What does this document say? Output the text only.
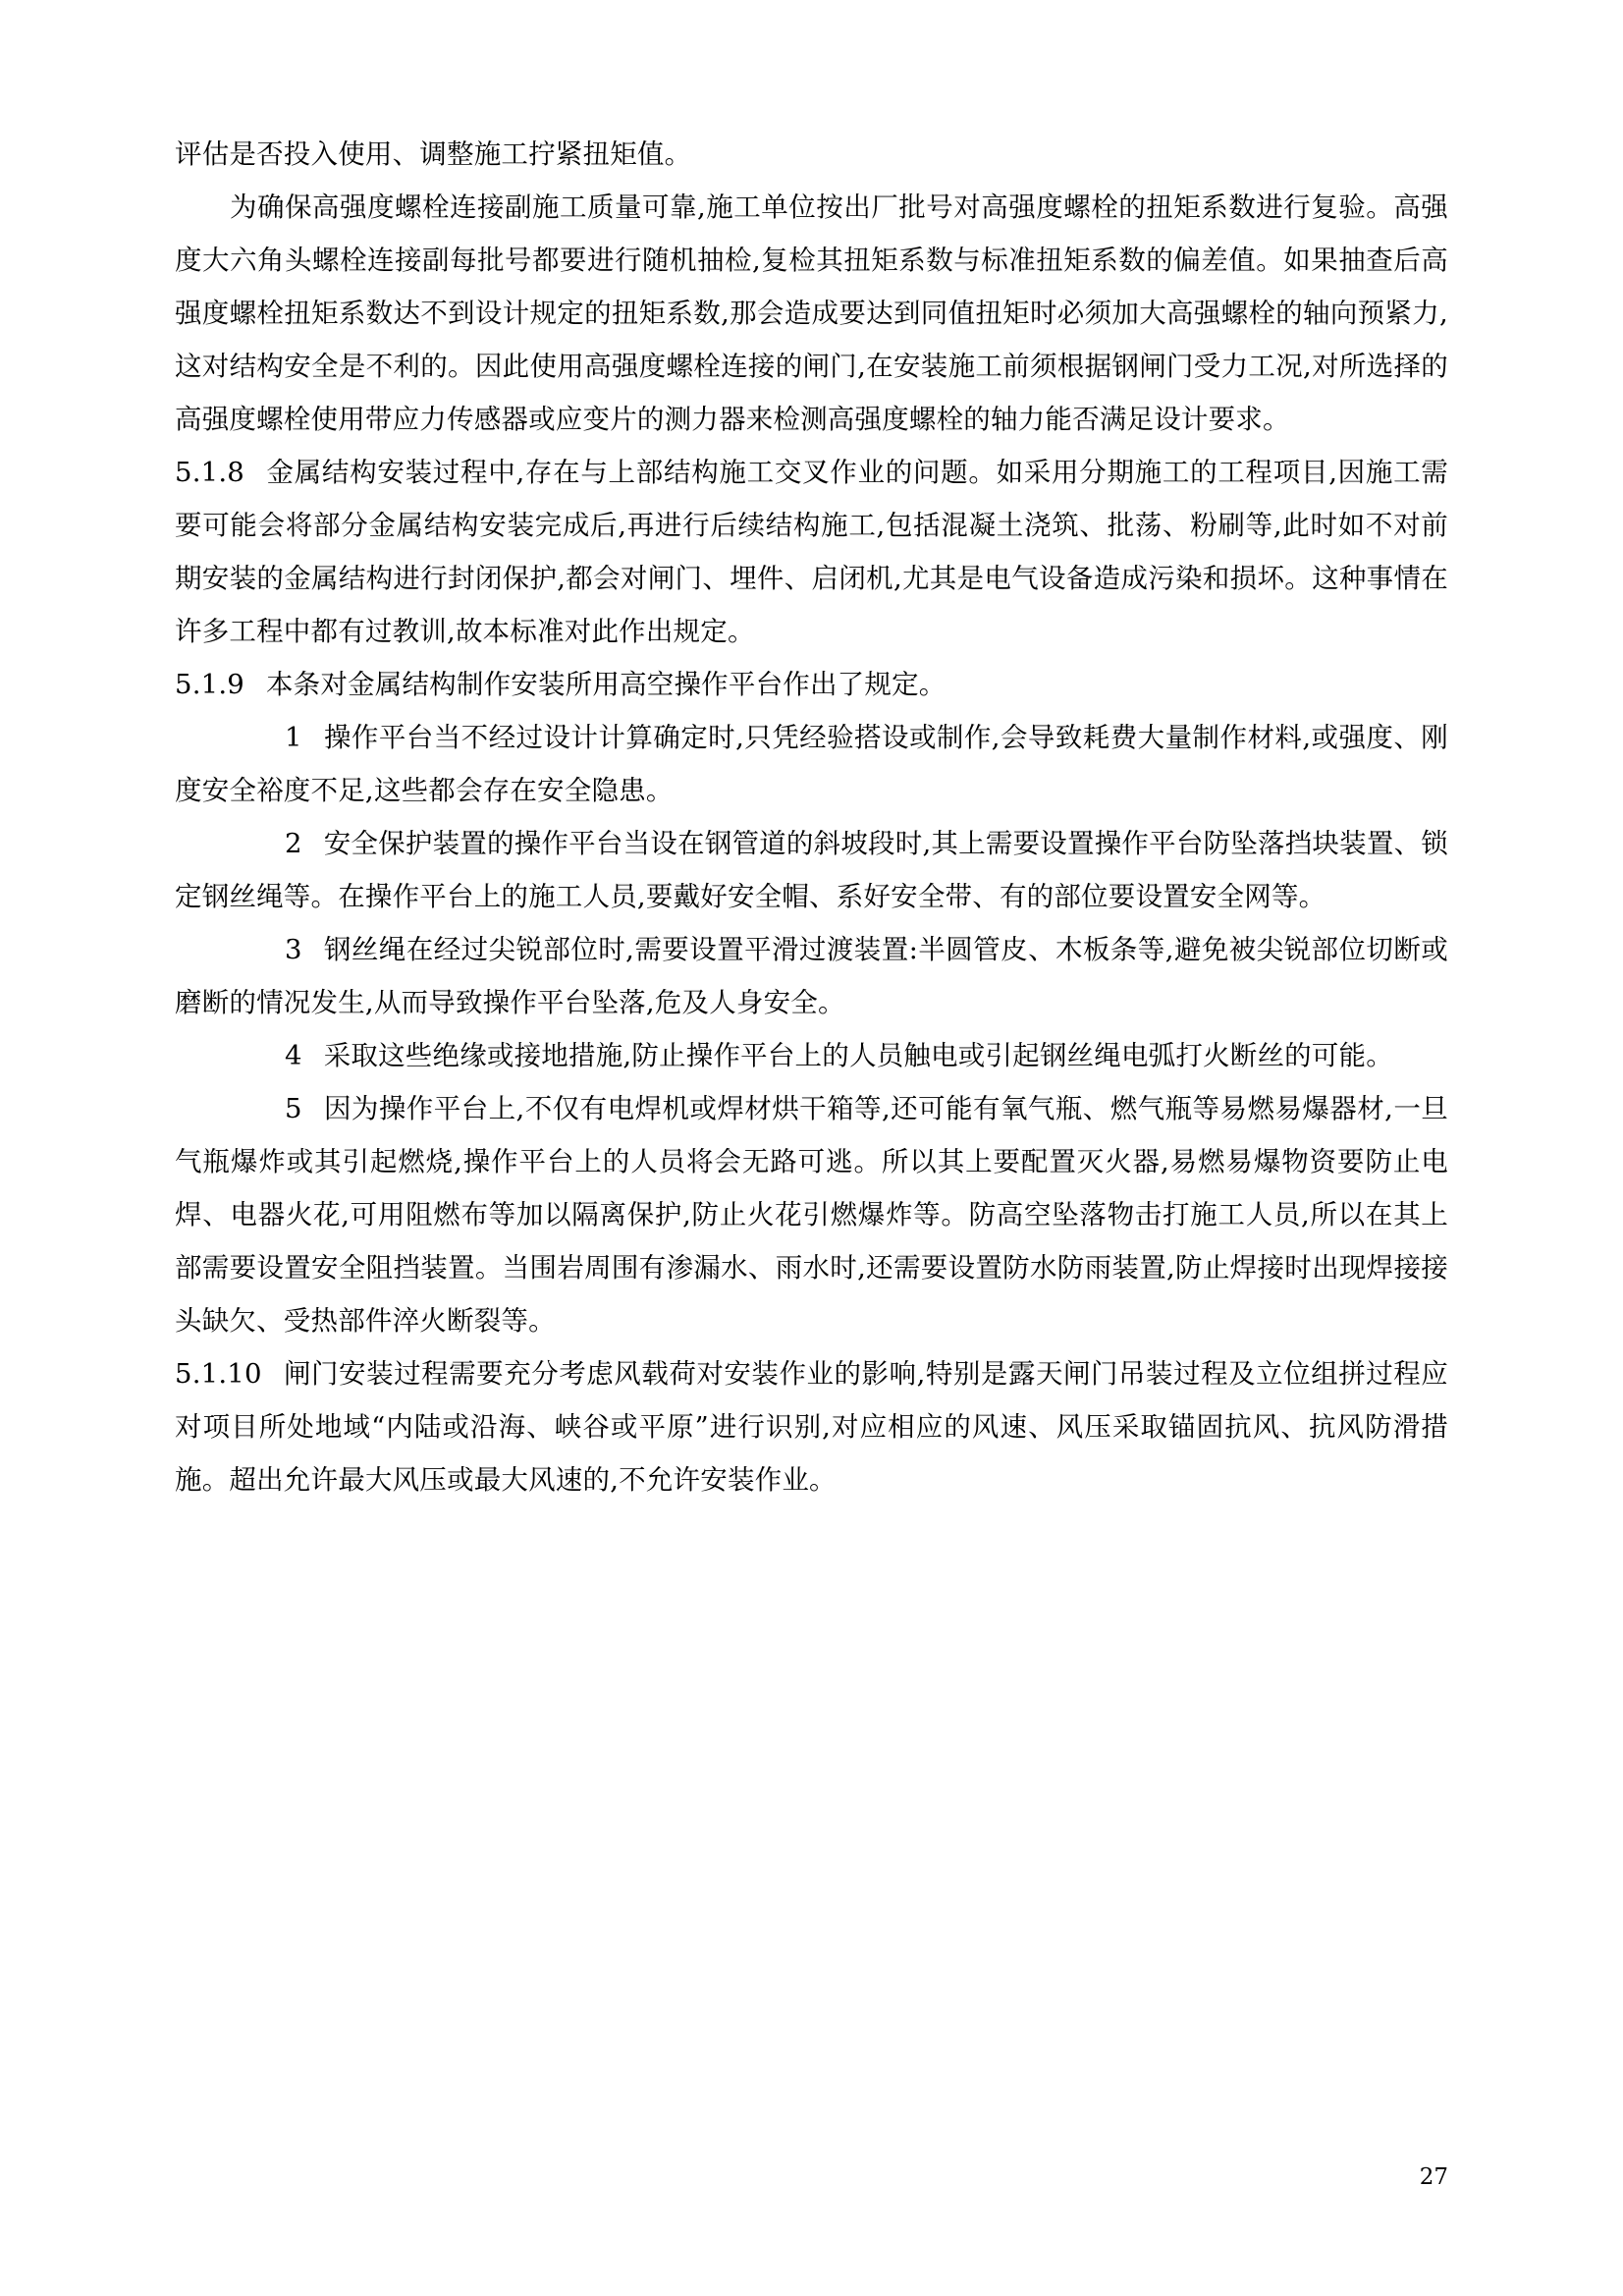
评估是否投入使用、调整施工拧紧扭矩值。

为确保高强度螺栓连接副施工质量可靠,施工单位按出厂批号对高强度螺栓的扭矩系数进行复验。高强度大六角头螺栓连接副每批号都要进行随机抽检,复检其扭矩系数与标准扭矩系数的偏差值。如果抽查后高强度螺栓扭矩系数达不到设计规定的扭矩系数,那会造成要达到同值扭矩时必须加大高强螺栓的轴向预紧力,这对结构安全是不利的。因此使用高强度螺栓连接的闸门,在安装施工前须根据钢闸门受力工况,对所选择的高强度螺栓使用带应力传感器或应变片的测力器来检测高强度螺栓的轴力能否满足设计要求。

5.1.8 金属结构安装过程中,存在与上部结构施工交叉作业的问题。如采用分期施工的工程项目,因施工需要可能会将部分金属结构安装完成后,再进行后续结构施工,包括混凝土浇筑、批荡、粉刷等,此时如不对前期安装的金属结构进行封闭保护,都会对闸门、埋件、启闭机,尤其是电气设备造成污染和损坏。这种事情在许多工程中都有过教训,故本标准对此作出规定。

5.1.9 本条对金属结构制作安装所用高空操作平台作出了规定。

1 操作平台当不经过设计计算确定时,只凭经验搭设或制作,会导致耗费大量制作材料,或强度、刚度安全裕度不足,这些都会存在安全隐患。

2 安全保护装置的操作平台当设在钢管道的斜坡段时,其上需要设置操作平台防坠落挡块装置、锁定钢丝绳等。在操作平台上的施工人员,要戴好安全帽、系好安全带、有的部位要设置安全网等。

3 钢丝绳在经过尖锐部位时,需要设置平滑过渡装置:半圆管皮、木板条等,避免被尖锐部位切断或磨断的情况发生,从而导致操作平台坠落,危及人身安全。

4 采取这些绝缘或接地措施,防止操作平台上的人员触电或引起钢丝绳电弧打火断丝的可能。

5 因为操作平台上,不仅有电焊机或焊材烘干箱等,还可能有氧气瓶、燃气瓶等易燃易爆器材,一旦气瓶爆炸或其引起燃烧,操作平台上的人员将会无路可逃。所以其上要配置灭火器,易燃易爆物资要防止电焊、电器火花,可用阻燃布等加以隔离保护,防止火花引燃爆炸等。防高空坠落物击打施工人员,所以在其上部需要设置安全阻挡装置。当围岩周围有渗漏水、雨水时,还需要设置防水防雨装置,防止焊接时出现焊接接头缺欠、受热部件淬火断裂等。

5.1.10 闸门安装过程需要充分考虑风载荷对安装作业的影响,特别是露天闸门吊装过程及立位组拼过程应对项目所处地域“内陆或沿海、峡谷或平原”进行识别,对应相应的风速、风压采取锚固抗风、抗风防滑措施。超出允许最大风压或最大风速的,不允许安装作业。

27
